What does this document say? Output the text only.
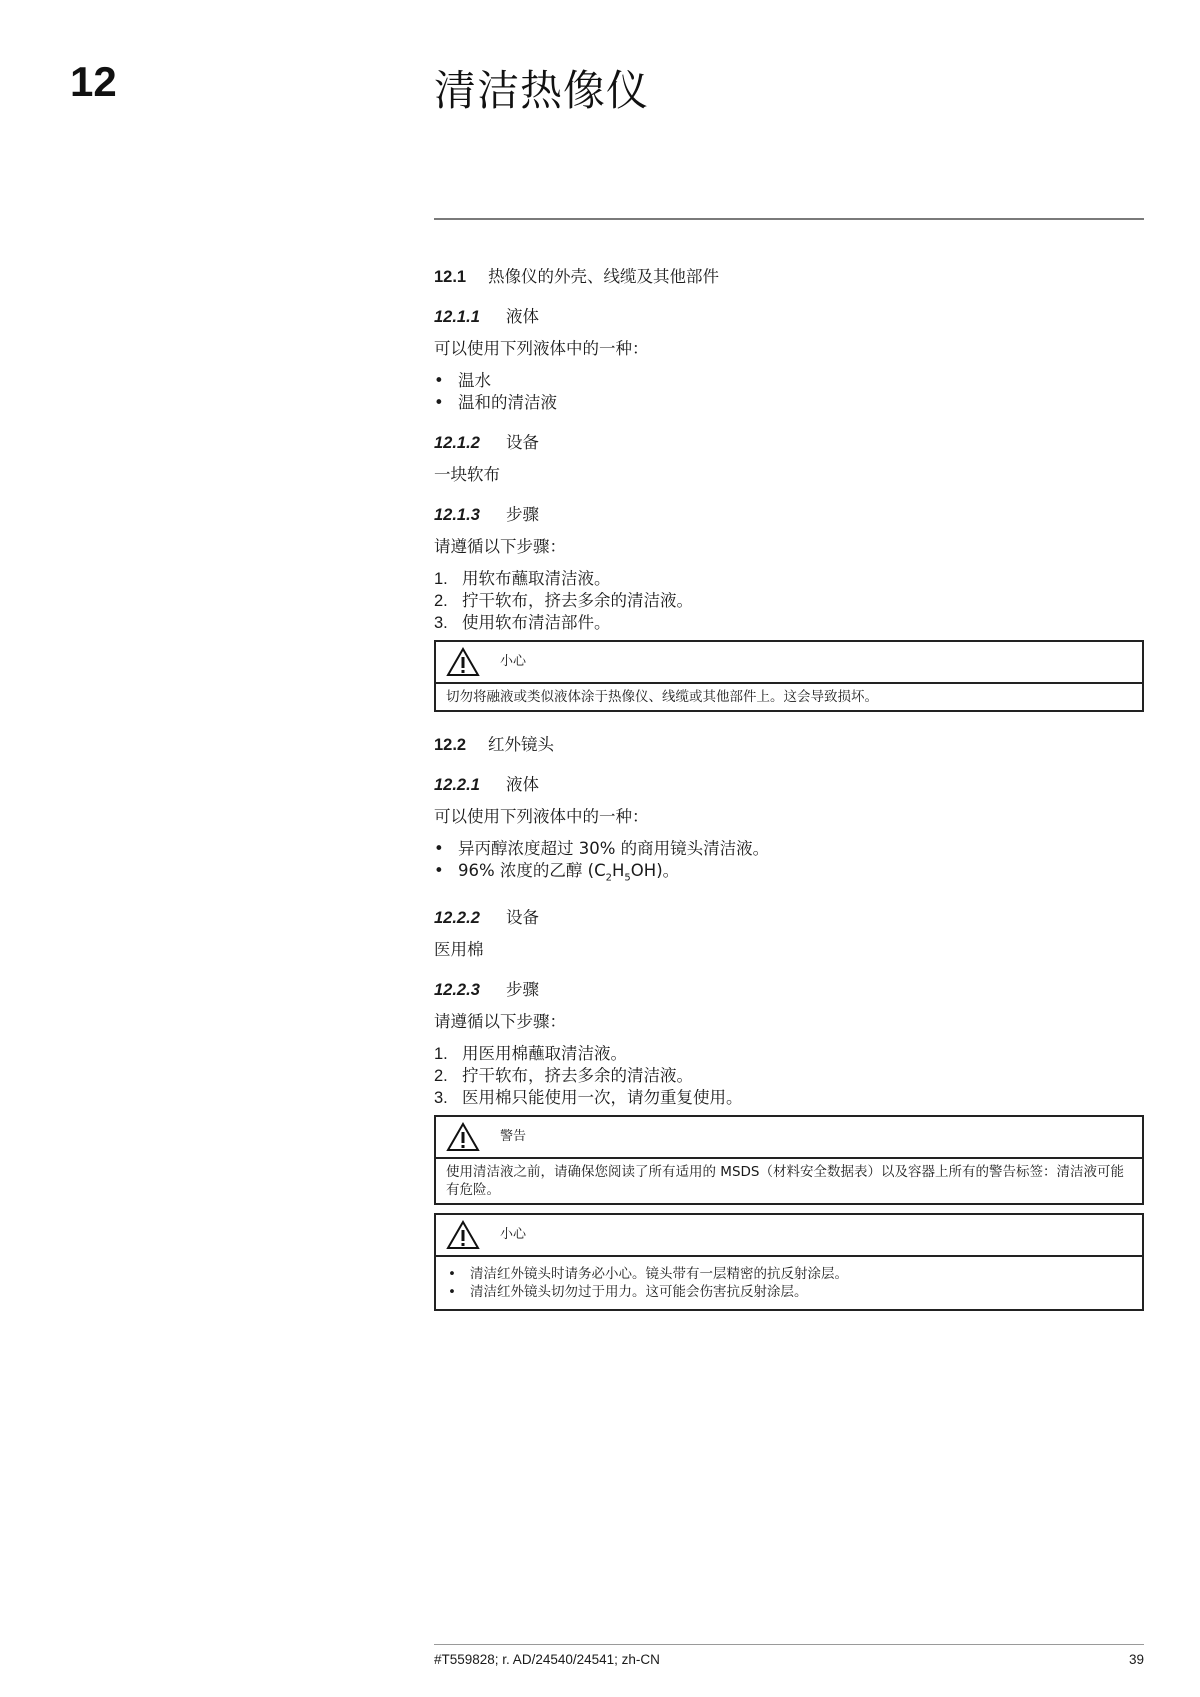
12	清洁热像仪
12.1 热像仪的外壳、线缆及其他部件
12.1.1 液体
可以使用下列液体中的一种：
• 温水
• 温和的清洁液
12.1.2 设备
一块软布
12.1.3 步骤
请遵循以下步骤：
1. 用软布蘸取清洁液。
2. 拧干软布，挤去多余的清洁液。
3. 使用软布清洁部件。
小心
切勿将融液或类似液体涂于热像仪、线缆或其他部件上。这会导致损坏。
12.2 红外镜头
12.2.1 液体
可以使用下列液体中的一种：
• 异丙醇浓度超过 30% 的商用镜头清洁液。
• 96% 浓度的乙醇 $(C_2H_5OH)$。
12.2.2 设备
医用棉
12.2.3 步骤
请遵循以下步骤：
1. 用医用棉蘸取清洁液。
2. 拧干软布，挤去多余的清洁液。
3. 医用棉只能使用一次，请勿重复使用。
警告
使用清洁液之前，请确保您阅读了所有适用的 MSDS（材料安全数据表）以及容器上所有的警告标签：清洁液可能有危险。
小心
• 清洁红外镜头时请务必小心。镜头带有一层精密的抗反射涂层。
• 清洁红外镜头切勿过于用力。这可能会伤害抗反射涂层。
#T559828; r. AD/24540/24541; zh-CN	39
